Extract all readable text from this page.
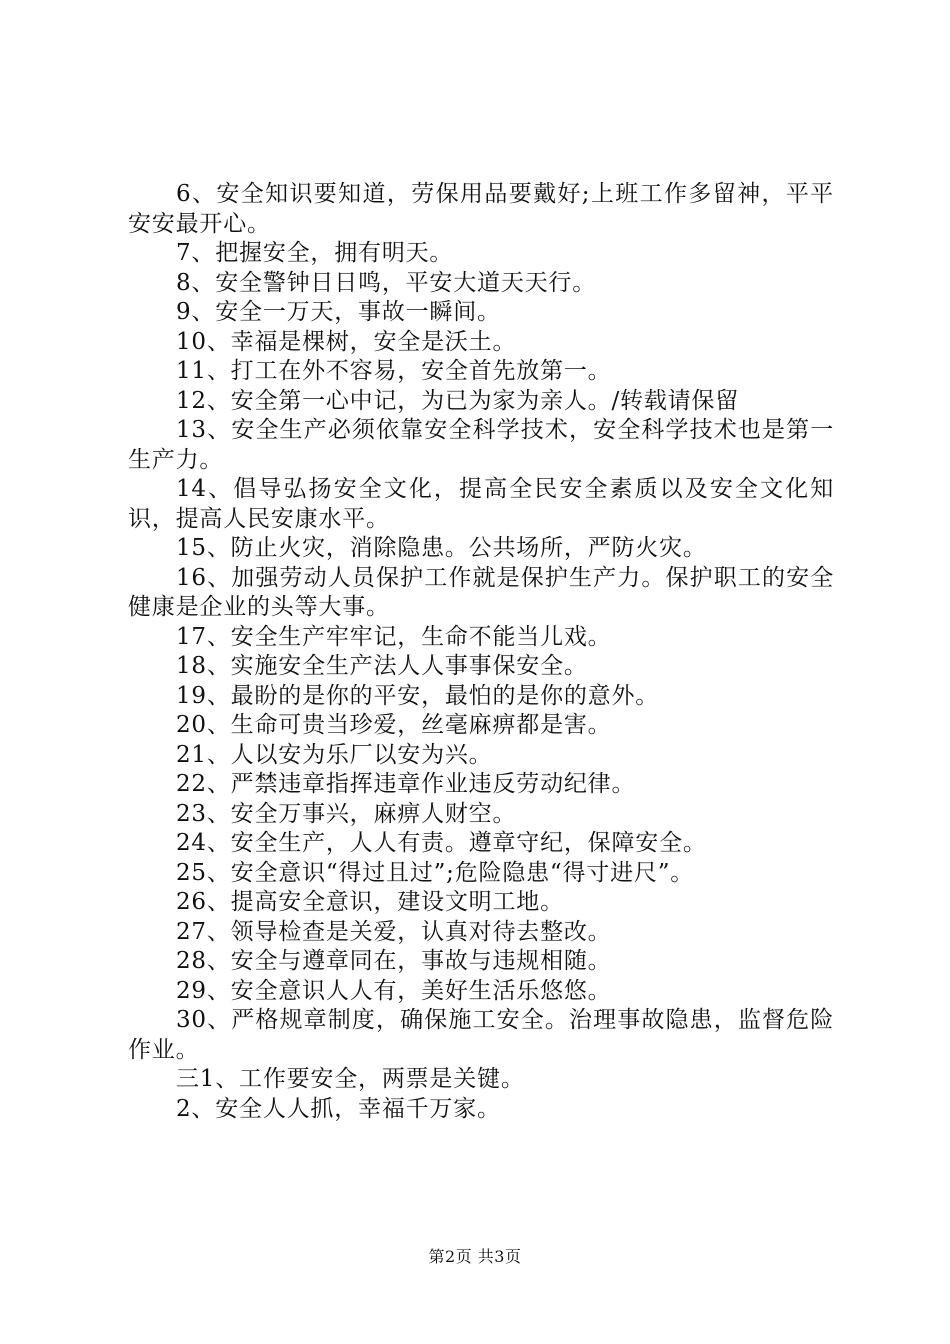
6、安全知识要知道，劳保用品要戴好;上班工作多留神，平平安安最开心。

7、把握安全，拥有明天。

8、安全警钟日日鸣，平安大道天天行。

9、安全一万天，事故一瞬间。

10、幸福是棵树，安全是沃土。

11、打工在外不容易，安全首先放第一。

12、安全第一心中记，为已为家为亲人。/转载请保留

13、安全生产必须依靠安全科学技术，安全科学技术也是第一生产力。

14、倡导弘扬安全文化，提高全民安全素质以及安全文化知识，提高人民安康水平。

15、防止火灾，消除隐患。公共场所，严防火灾。

16、加强劳动人员保护工作就是保护生产力。保护职工的安全健康是企业的头等大事。

17、安全生产牢牢记，生命不能当儿戏。

18、实施安全生产法人人事事保安全。

19、最盼的是你的平安，最怕的是你的意外。

20、生命可贵当珍爱，丝毫麻痹都是害。

21、人以安为乐厂以安为兴。

22、严禁违章指挥违章作业违反劳动纪律。

23、安全万事兴，麻痹人财空。

24、安全生产，人人有责。遵章守纪，保障安全。

25、安全意识“得过且过”;危险隐患“得寸进尺”。

26、提高安全意识，建设文明工地。

27、领导检查是关爱，认真对待去整改。

28、安全与遵章同在，事故与违规相随。

29、安全意识人人有，美好生活乐悠悠。

30、严格规章制度，确保施工安全。治理事故隐患，监督危险作业。

三1、工作要安全，两票是关键。

2、安全人人抓，幸福千万家。

第2页 共3页
